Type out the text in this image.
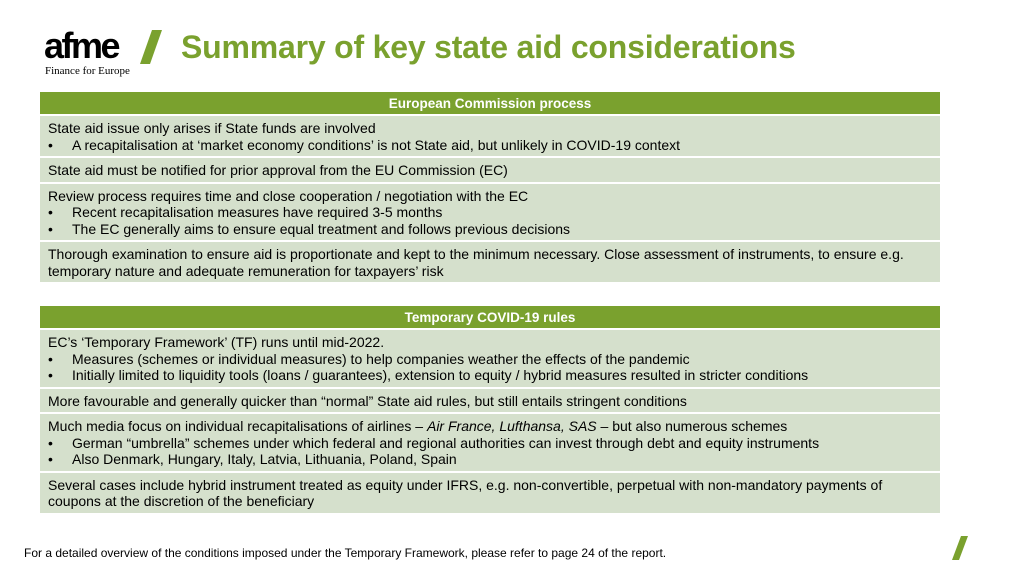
afme
Finance for Europe
Summary of key state aid considerations
European Commission process
State aid issue only arises if State funds are involved
•	A recapitalisation at ‘market economy conditions’ is not State aid, but unlikely in COVID-19 context
State aid must be notified for prior approval from the EU Commission (EC)
Review process requires time and close cooperation / negotiation with the EC
•	Recent recapitalisation measures have required 3-5 months
•	The EC generally aims to ensure equal treatment and follows previous decisions
Thorough examination to ensure aid is proportionate and kept to the minimum necessary. Close assessment of instruments, to ensure e.g. temporary nature and adequate remuneration for taxpayers’ risk
Temporary COVID-19 rules
EC’s ‘Temporary Framework’ (TF) runs until mid-2022.
•	Measures (schemes or individual measures) to help companies weather the effects of the pandemic
•	Initially limited to liquidity tools (loans / guarantees), extension to equity / hybrid measures resulted in stricter conditions
More favourable and generally quicker than “normal” State aid rules, but still entails stringent conditions
Much media focus on individual recapitalisations of airlines – Air France, Lufthansa, SAS – but also numerous schemes
•	German “umbrella” schemes under which federal and regional authorities can invest through debt and equity instruments
•	Also Denmark, Hungary, Italy, Latvia, Lithuania, Poland, Spain
Several cases include hybrid instrument treated as equity under IFRS, e.g. non-convertible, perpetual with non-mandatory payments of coupons at the discretion of the beneficiary
For a detailed overview of the conditions imposed under the Temporary Framework, please refer to page 24 of the report.
